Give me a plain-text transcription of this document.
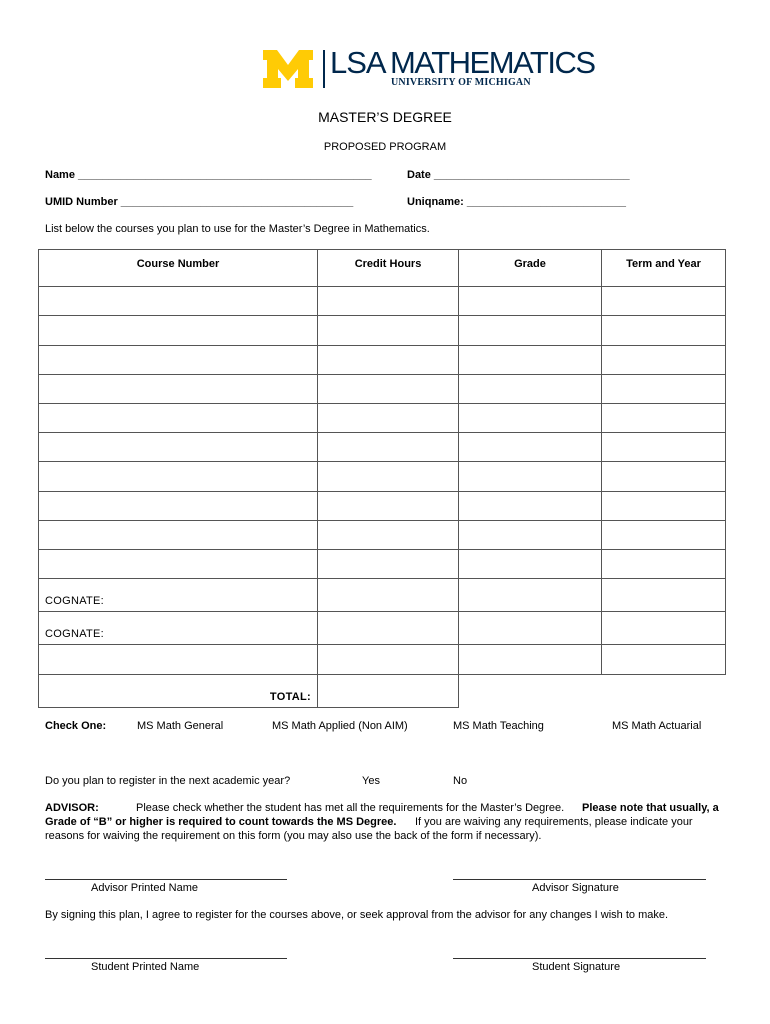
LSA MATHEMATICS
UNIVERSITY OF MICHIGAN
MASTER’S DEGREE
PROPOSED PROGRAM
Name ________________________________________________	Date ________________________________
UMID Number ______________________________________	Uniqname: __________________________
List below the courses you plan to use for the Master’s Degree in Mathematics.
Course Number	Credit Hours	Grade	Term and Year

COGNATE:			
COGNATE:			

TOTAL:			
Check One:	MS Math General	MS Math Applied (Non AIM)	MS Math Teaching	MS Math Actuarial
Do you plan to register in the next academic year?	Yes	No
ADVISOR:	Please check whether the student has met all the requirements for the Master’s Degree. Please note that usually, a
Grade of “B” or higher is required to count towards the MS Degree. If you are waiving any requirements, please indicate your
reasons for waiving the requirement on this form (you may also use the back of the form if necessary).
Advisor Printed Name	Advisor Signature
By signing this plan, I agree to register for the courses above, or seek approval from the advisor for any changes I wish to make.
Student Printed Name	Student Signature
